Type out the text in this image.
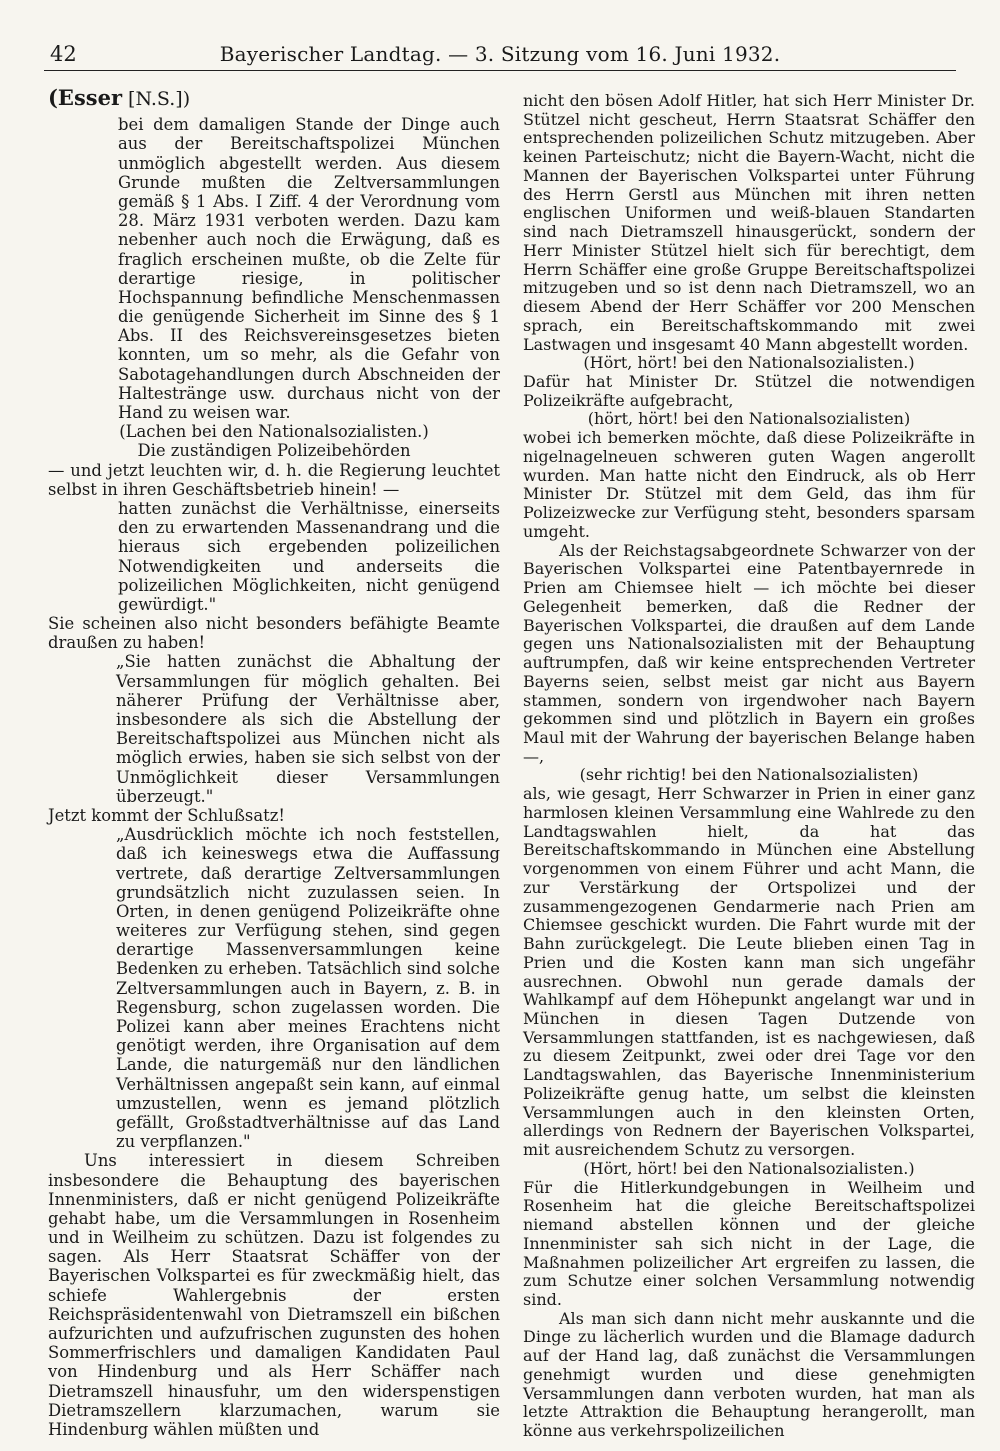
42	Bayerischer Landtag. — 3. Sitzung vom 16. Juni 1932.

(Esser [N.S.])

bei dem damaligen Stande der Dinge auch aus der Bereitschaftspolizei München unmöglich abgestellt werden. Aus diesem Grunde mußten die Zeltversammlungen gemäß § 1 Abs. I Ziff. 4 der Verordnung vom 28. März 1931 verboten werden. Dazu kam nebenher auch noch die Erwägung, daß es fraglich erscheinen mußte, ob die Zelte für derartige riesige, in politischer Hochspannung befindliche Menschenmassen die genügende Sicherheit im Sinne des § 1 Abs. II des Reichsvereinsgesetzes bieten konnten, um so mehr, als die Gefahr von Sabotagehandlungen durch Abschneiden der Haltestränge usw. durchaus nicht von der Hand zu weisen war.

(Lachen bei den Nationalsozialisten.)

Die zuständigen Polizeibehörden

— und jetzt leuchten wir, d. h. die Regierung leuchtet selbst in ihren Geschäftsbetrieb hinein! —

hatten zunächst die Verhältnisse, einerseits den zu erwartenden Massenandrang und die hieraus sich ergebenden polizeilichen Notwendigkeiten und anderseits die polizeilichen Möglichkeiten, nicht genügend gewürdigt."

Sie scheinen also nicht besonders befähigte Beamte draußen zu haben!

„Sie hatten zunächst die Abhaltung der Versammlungen für möglich gehalten. Bei näherer Prüfung der Verhältnisse aber, insbesondere als sich die Abstellung der Bereitschaftspolizei aus München nicht als möglich erwies, haben sie sich selbst von der Unmöglichkeit dieser Versammlungen überzeugt."

Jetzt kommt der Schlußsatz!

„Ausdrücklich möchte ich noch feststellen, daß ich keineswegs etwa die Auffassung vertrete, daß derartige Zeltversammlungen grundsätzlich nicht zuzulassen seien. In Orten, in denen genügend Polizeikräfte ohne weiteres zur Verfügung stehen, sind gegen derartige Massenversammlungen keine Bedenken zu erheben. Tatsächlich sind solche Zeltversammlungen auch in Bayern, z. B. in Regensburg, schon zugelassen worden. Die Polizei kann aber meines Erachtens nicht genötigt werden, ihre Organisation auf dem Lande, die naturgemäß nur den ländlichen Verhältnissen angepaßt sein kann, auf einmal umzustellen, wenn es jemand plötzlich gefällt, Großstadtverhältnisse auf das Land zu verpflanzen."

Uns interessiert in diesem Schreiben insbesondere die Behauptung des bayerischen Innenministers, daß er nicht genügend Polizeikräfte gehabt habe, um die Versammlungen in Rosenheim und in Weilheim zu schützen. Dazu ist folgendes zu sagen. Als Herr Staatsrat Schäffer von der Bayerischen Volkspartei es für zweckmäßig hielt, das schiefe Wahlergebnis der ersten Reichspräsidentenwahl von Dietramszell ein bißchen aufzurichten und aufzufrischen zugunsten des hohen Sommerfrischlers und damaligen Kandidaten Paul von Hindenburg und als Herr Schäffer nach Dietramszell hinausfuhr, um den widerspenstigen Dietramszellern klarzumachen, warum sie Hindenburg wählen müßten und

nicht den bösen Adolf Hitler, hat sich Herr Minister Dr. Stützel nicht gescheut, Herrn Staatsrat Schäffer den entsprechenden polizeilichen Schutz mitzugeben. Aber keinen Parteischutz; nicht die Bayern-Wacht, nicht die Mannen der Bayerischen Volkspartei unter Führung des Herrn Gerstl aus München mit ihren netten englischen Uniformen und weiß-blauen Standarten sind nach Dietramszell hinausgerückt, sondern der Herr Minister Stützel hielt sich für berechtigt, dem Herrn Schäffer eine große Gruppe Bereitschaftspolizei mitzugeben und so ist denn nach Dietramszell, wo an diesem Abend der Herr Schäffer vor 200 Menschen sprach, ein Bereitschaftskommando mit zwei Lastwagen und insgesamt 40 Mann abgestellt worden.

(Hört, hört! bei den Nationalsozialisten.)

Dafür hat Minister Dr. Stützel die notwendigen Polizeikräfte aufgebracht,

(hört, hört! bei den Nationalsozialisten)

wobei ich bemerken möchte, daß diese Polizeikräfte in nigelnagelneuen schweren guten Wagen angerollt wurden. Man hatte nicht den Eindruck, als ob Herr Minister Dr. Stützel mit dem Geld, das ihm für Polizeizwecke zur Verfügung steht, besonders sparsam umgeht.

Als der Reichstagsabgeordnete Schwarzer von der Bayerischen Volkspartei eine Patentbayernrede in Prien am Chiemsee hielt — ich möchte bei dieser Gelegenheit bemerken, daß die Redner der Bayerischen Volkspartei, die draußen auf dem Lande gegen uns Nationalsozialisten mit der Behauptung auftrumpfen, daß wir keine entsprechenden Vertreter Bayerns seien, selbst meist gar nicht aus Bayern stammen, sondern von irgendwoher nach Bayern gekommen sind und plötzlich in Bayern ein großes Maul mit der Wahrung der bayerischen Belange haben —,

(sehr richtig! bei den Nationalsozialisten)

als, wie gesagt, Herr Schwarzer in Prien in einer ganz harmlosen kleinen Versammlung eine Wahlrede zu den Landtagswahlen hielt, da hat das Bereitschaftskommando in München eine Abstellung vorgenommen von einem Führer und acht Mann, die zur Verstärkung der Ortspolizei und der zusammengezogenen Gendarmerie nach Prien am Chiemsee geschickt wurden. Die Fahrt wurde mit der Bahn zurückgelegt. Die Leute blieben einen Tag in Prien und die Kosten kann man sich ungefähr ausrechnen. Obwohl nun gerade damals der Wahlkampf auf dem Höhepunkt angelangt war und in München in diesen Tagen Dutzende von Versammlungen stattfanden, ist es nachgewiesen, daß zu diesem Zeitpunkt, zwei oder drei Tage vor den Landtagswahlen, das Bayerische Innenministerium Polizeikräfte genug hatte, um selbst die kleinsten Versammlungen auch in den kleinsten Orten, allerdings von Rednern der Bayerischen Volkspartei, mit ausreichendem Schutz zu versorgen.

(Hört, hört! bei den Nationalsozialisten.)

Für die Hitlerkundgebungen in Weilheim und Rosenheim hat die gleiche Bereitschaftspolizei niemand abstellen können und der gleiche Innenminister sah sich nicht in der Lage, die Maßnahmen polizeilicher Art ergreifen zu lassen, die zum Schutze einer solchen Versammlung notwendig sind.

Als man sich dann nicht mehr auskannte und die Dinge zu lächerlich wurden und die Blamage dadurch auf der Hand lag, daß zunächst die Versammlungen genehmigt wurden und diese genehmigten Versammlungen dann verboten wurden, hat man als letzte Attraktion die Behauptung herangerollt, man könne aus verkehrspolizeilichen
